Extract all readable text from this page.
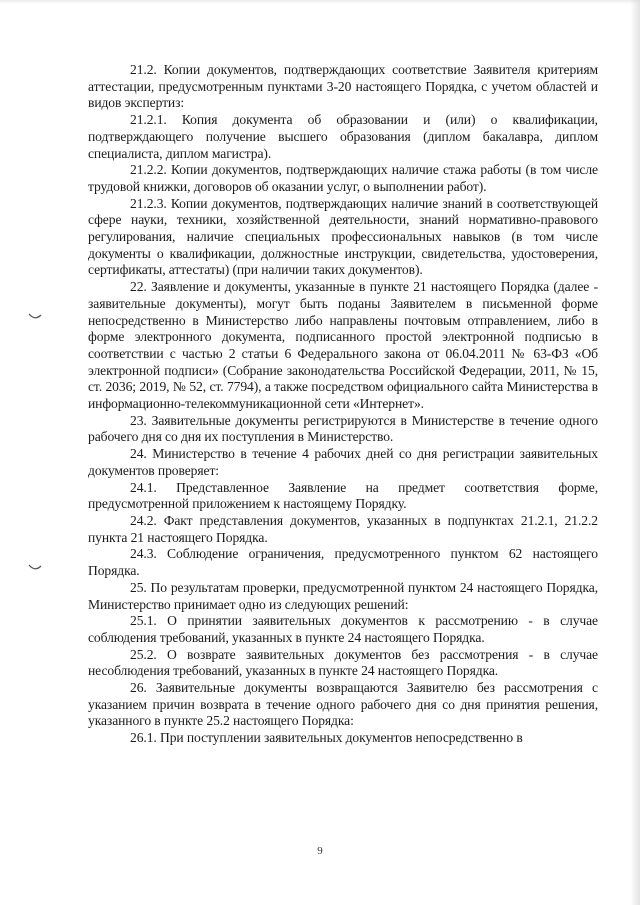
21.2. Копии документов, подтверждающих соответствие Заявителя критериям аттестации, предусмотренным пунктами 3-20 настоящего Порядка, с учетом областей и видов экспертиз:

21.2.1. Копия документа об образовании и (или) о квалификации, подтверждающего получение высшего образования (диплом бакалавра, диплом специалиста, диплом магистра).

21.2.2. Копии документов, подтверждающих наличие стажа работы (в том числе трудовой книжки, договоров об оказании услуг, о выполнении работ).

21.2.3. Копии документов, подтверждающих наличие знаний в соответствующей сфере науки, техники, хозяйственной деятельности, знаний нормативно-правового регулирования, наличие специальных профессиональных навыков (в том числе документы о квалификации, должностные инструкции, свидетельства, удостоверения, сертификаты, аттестаты) (при наличии таких документов).

22. Заявление и документы, указанные в пункте 21 настоящего Порядка (далее - заявительные документы), могут быть поданы Заявителем в письменной форме непосредственно в Министерство либо направлены почтовым отправлением, либо в форме электронного документа, подписанного простой электронной подписью в соответствии с частью 2 статьи 6 Федерального закона от 06.04.2011 № 63-ФЗ «Об электронной подписи» (Собрание законодательства Российской Федерации, 2011, № 15, ст. 2036; 2019, № 52, ст. 7794), а также посредством официального сайта Министерства в информационно-телекоммуникационной сети «Интернет».

23. Заявительные документы регистрируются в Министерстве в течение одного рабочего дня со дня их поступления в Министерство.

24. Министерство в течение 4 рабочих дней со дня регистрации заявительных документов проверяет:

24.1. Представленное Заявление на предмет соответствия форме, предусмотренной приложением к настоящему Порядку.

24.2. Факт представления документов, указанных в подпунктах 21.2.1, 21.2.2 пункта 21 настоящего Порядка.

24.3. Соблюдение ограничения, предусмотренного пунктом 62 настоящего Порядка.

25. По результатам проверки, предусмотренной пунктом 24 настоящего Порядка, Министерство принимает одно из следующих решений:

25.1. О принятии заявительных документов к рассмотрению - в случае соблюдения требований, указанных в пункте 24 настоящего Порядка.

25.2. О возврате заявительных документов без рассмотрения - в случае несоблюдения требований, указанных в пункте 24 настоящего Порядка.

26. Заявительные документы возвращаются Заявителю без рассмотрения с указанием причин возврата в течение одного рабочего дня со дня принятия решения, указанного в пункте 25.2 настоящего Порядка:

26.1. При поступлении заявительных документов непосредственно в

9
